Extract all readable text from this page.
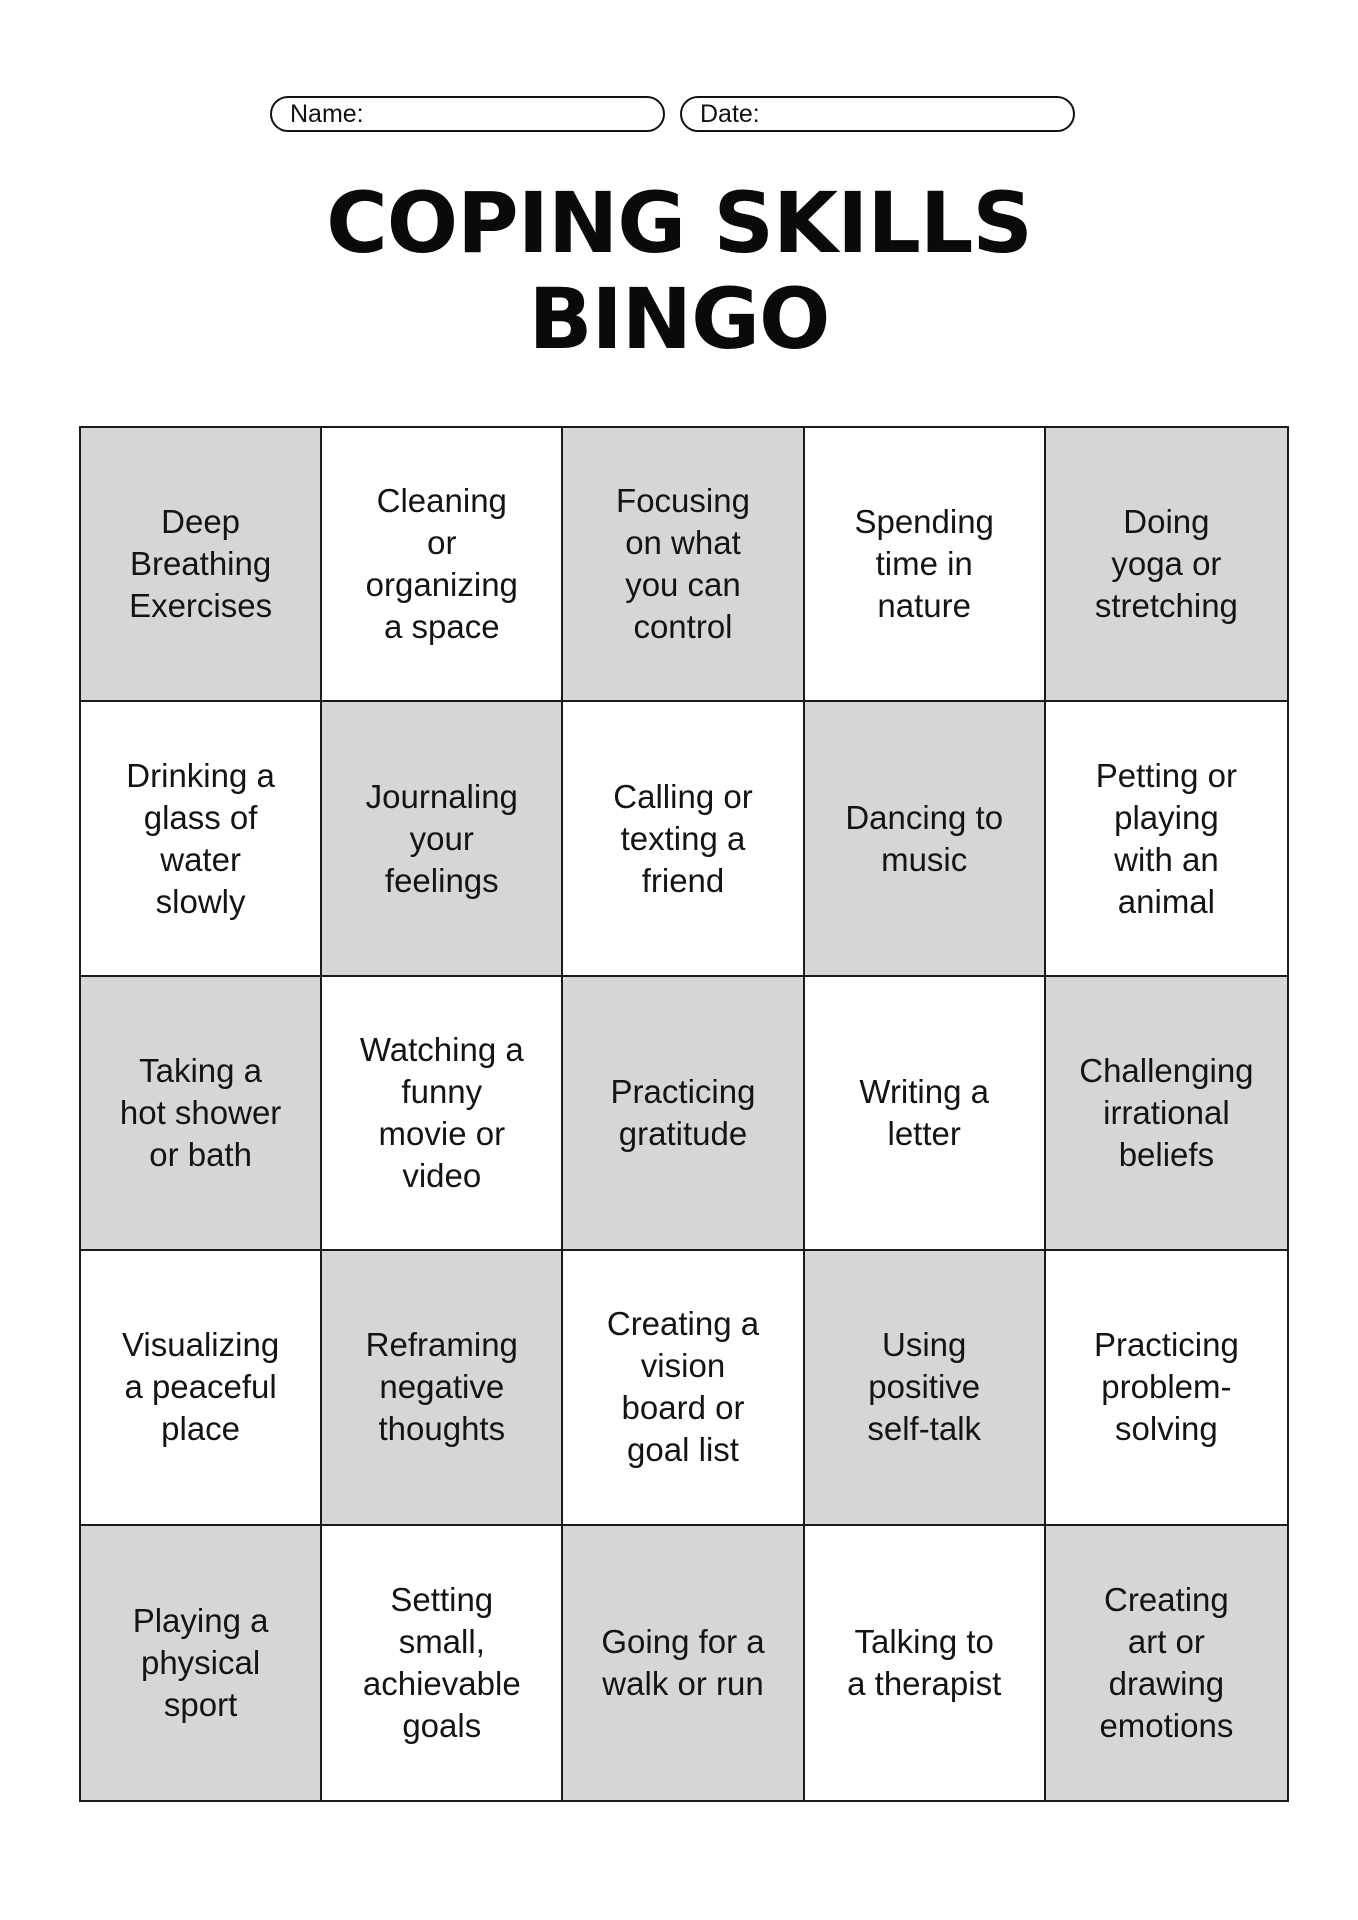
Name:	Date:
COPING SKILLS
BINGO
Deep
Breathing
Exercises
Cleaning
or
organizing
a space
Focusing
on what
you can
control
Spending
time in
nature
Doing
yoga or
stretching
Drinking a
glass of
water
slowly
Journaling
your
feelings
Calling or
texting a
friend
Dancing to
music
Petting or
playing
with an
animal
Taking a
hot shower
or bath
Watching a
funny
movie or
video
Practicing
gratitude
Writing a
letter
Challenging
irrational
beliefs
Visualizing
a peaceful
place
Reframing
negative
thoughts
Creating a
vision
board or
goal list
Using
positive
self-talk
Practicing
problem-
solving
Playing a
physical
sport
Setting
small,
achievable
goals
Going for a
walk or run
Talking to
a therapist
Creating
art or
drawing
emotions
